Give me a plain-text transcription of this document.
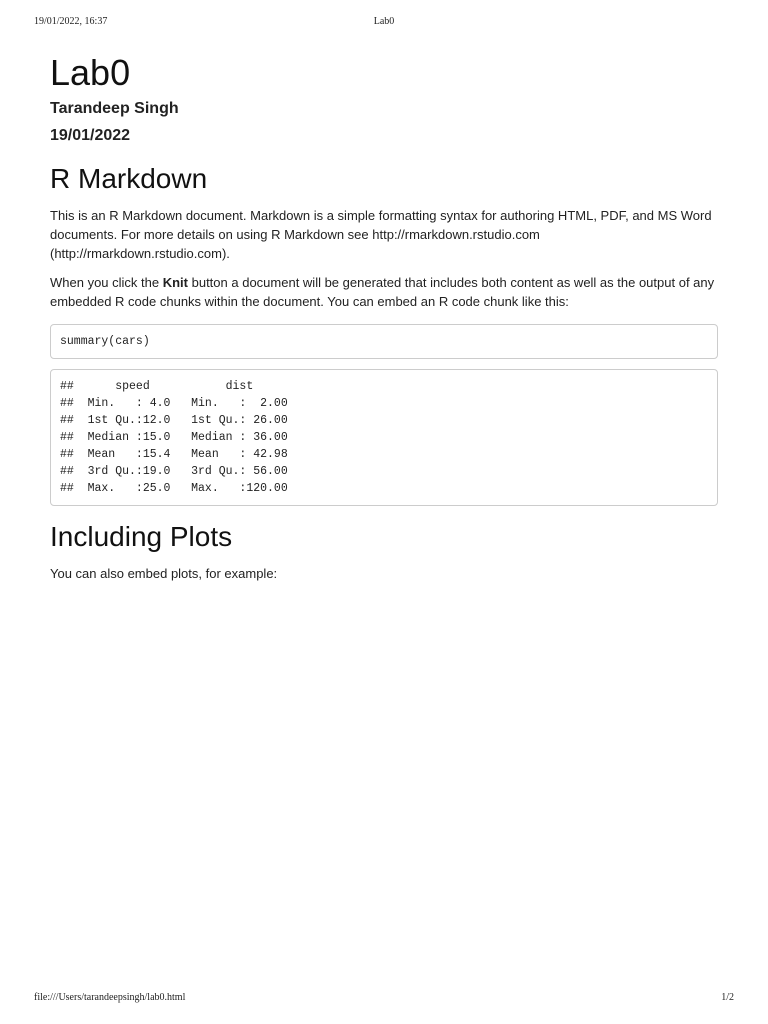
19/01/2022, 16:37	Lab0
Lab0
Tarandeep Singh
19/01/2022
R Markdown

This is an R Markdown document. Markdown is a simple formatting syntax for authoring HTML, PDF, and MS Word documents. For more details on using R Markdown see http://rmarkdown.rstudio.com (http://rmarkdown.rstudio.com).

When you click the Knit button a document will be generated that includes both content as well as the output of any embedded R code chunks within the document. You can embed an R code chunk like this:

summary(cars)
##      speed           dist
##  Min.   : 4.0   Min.   :  2.00
##  1st Qu.:12.0   1st Qu.: 26.00
##  Median :15.0   Median : 36.00
##  Mean   :15.4   Mean   : 42.98
##  3rd Qu.:19.0   3rd Qu.: 56.00
##  Max.   :25.0   Max.   :120.00
Including Plots

You can also embed plots, for example:

file:///Users/tarandeepsingh/lab0.html	1/2
